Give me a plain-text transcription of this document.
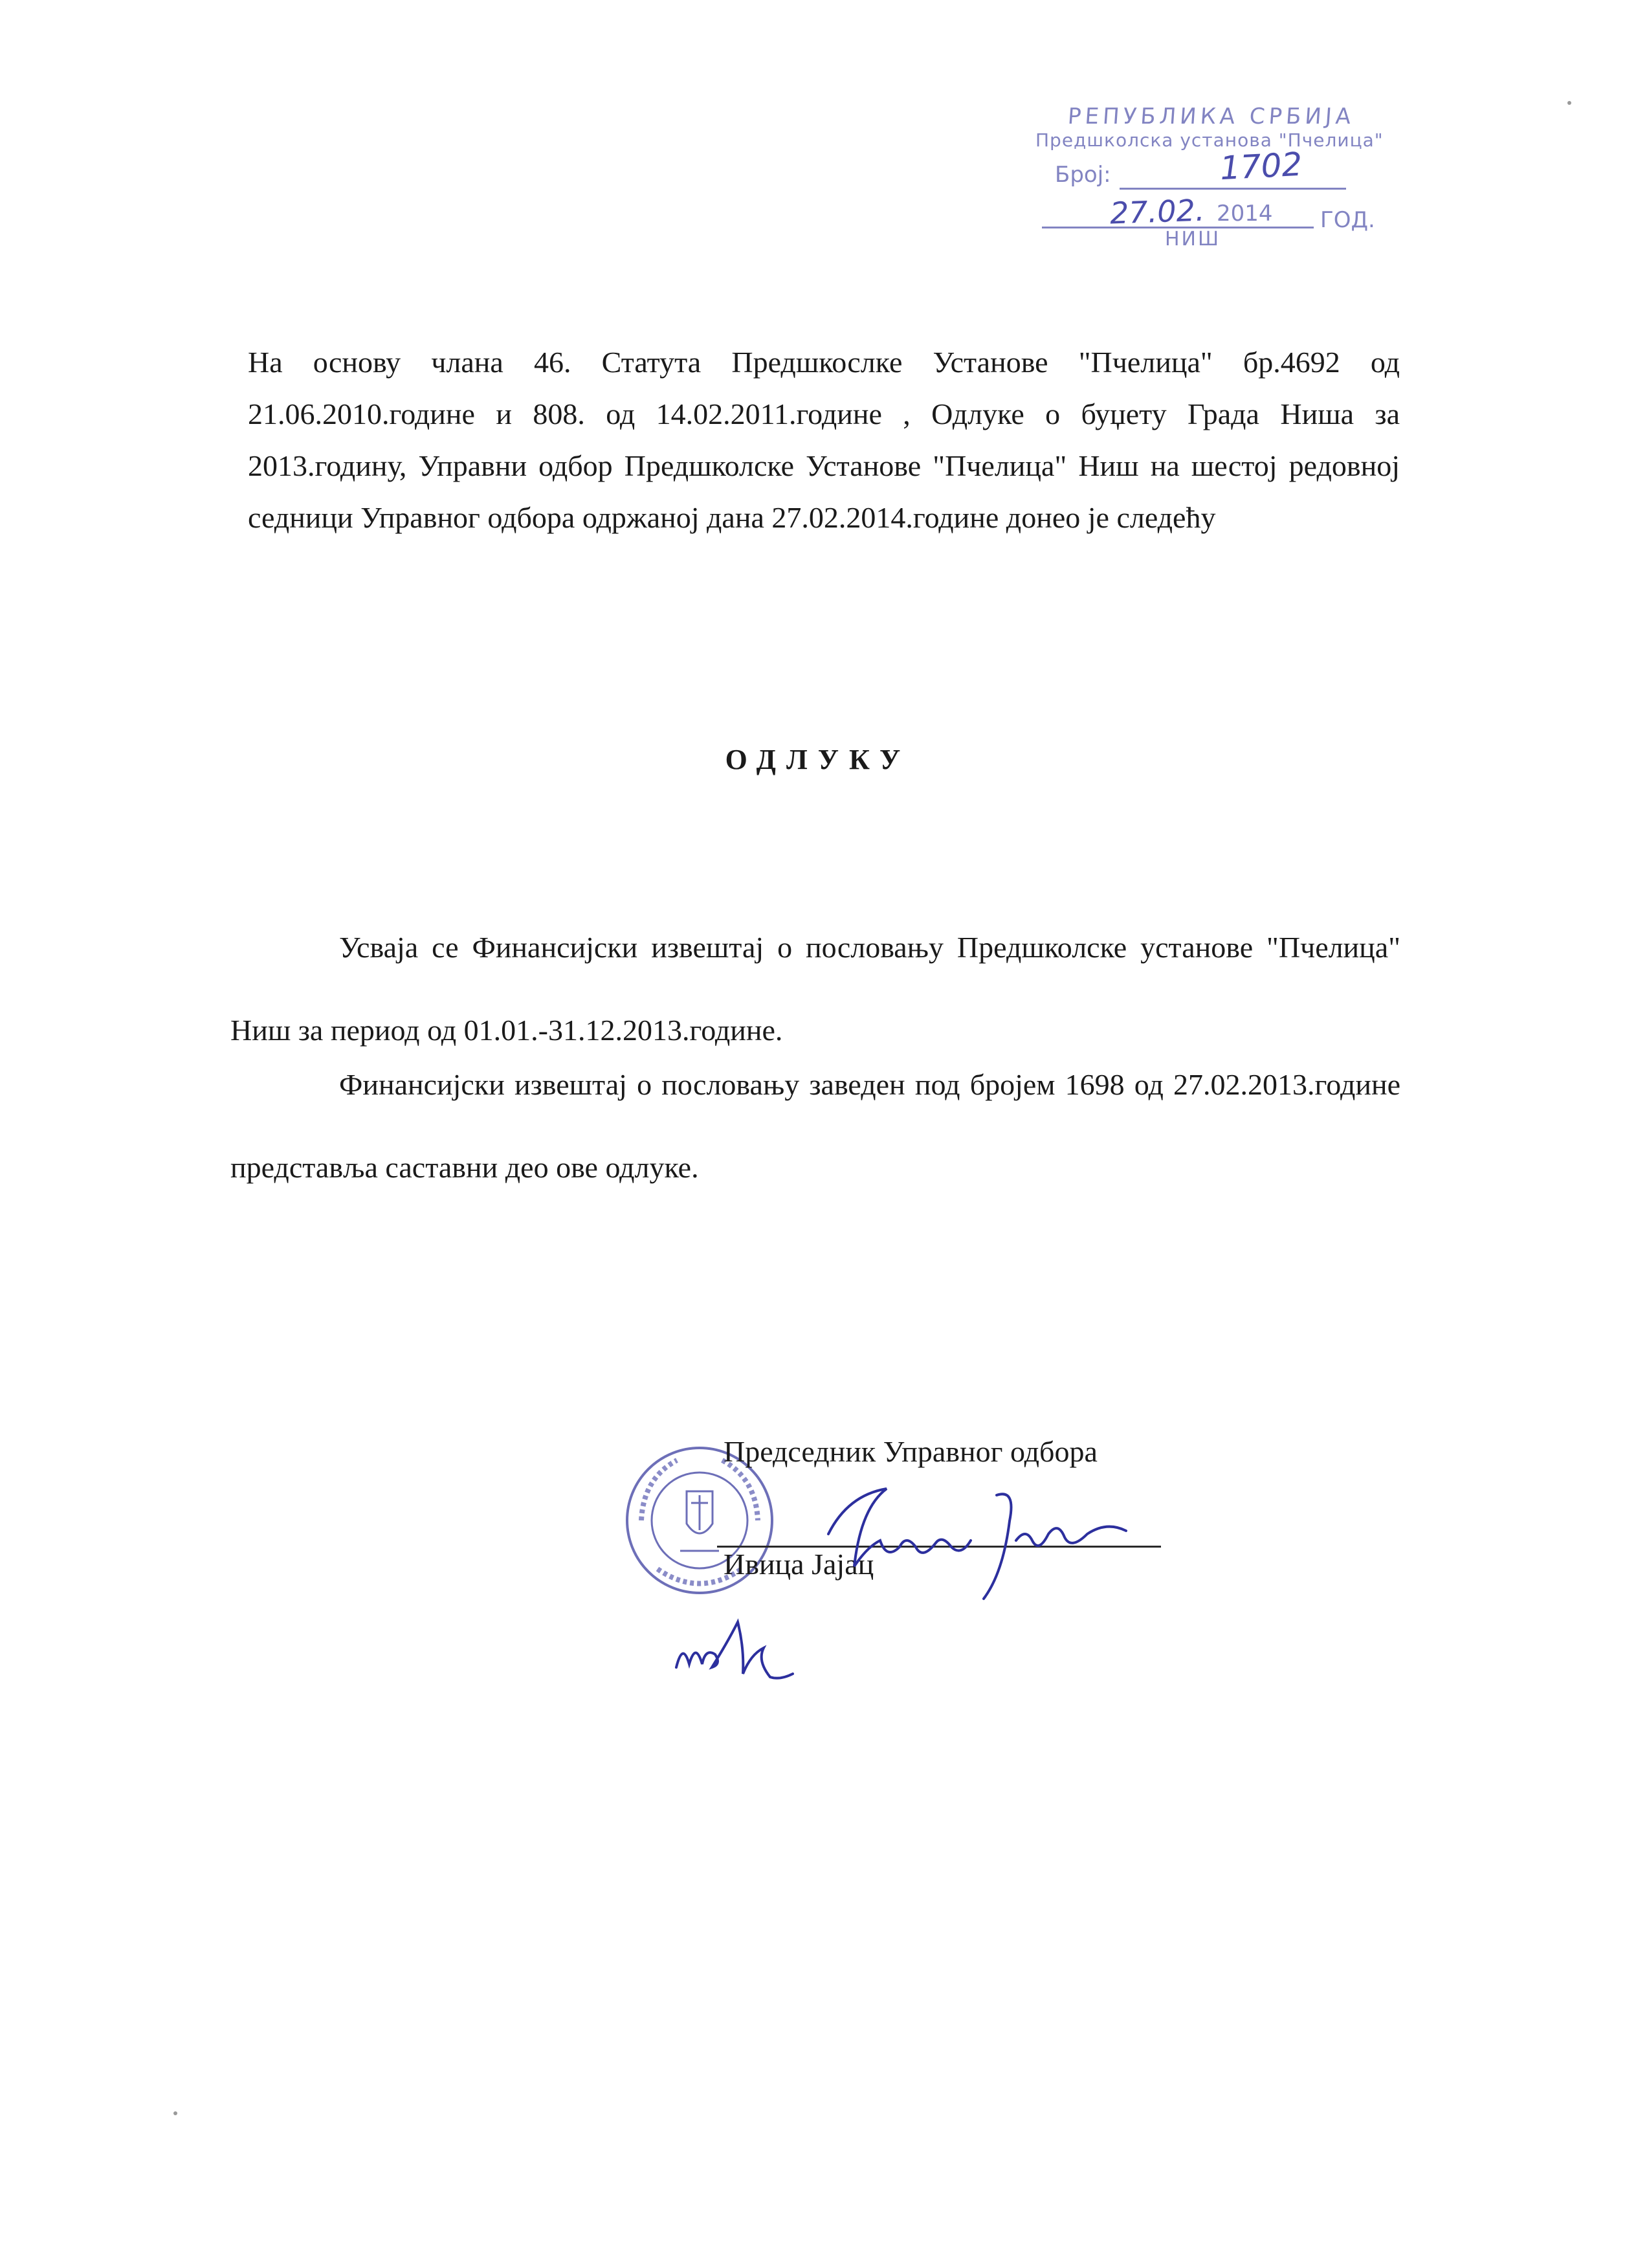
РЕПУБЛИКА СРБИЈА
Предшколска установа "Пчелица"
Број:	1702
27.02. 2014 ГОД.
НИШ
На основу члана 46. Статута Предшкослке Установе "Пчелица" бр.4692 од 21.06.2010.године и 808. од 14.02.2011.године , Одлуке о буџету Града Ниша за 2013.годину, Управни одбор Предшколске Установе "Пчелица" Ниш на шестој редовној седници Управног одбора одржаној дана 27.02.2014.године донео је следећу
ОДЛУКУ
Усваја се Финансијски извештај о пословању Предшколске установе "Пчелица" Ниш за период од 01.01.-31.12.2013.године.
Финансијски извештај о пословању заведен под бројем 1698 од 27.02.2013.године представља саставни део ове одлуке.
Председник Управног одбора
Ивица Јајац
